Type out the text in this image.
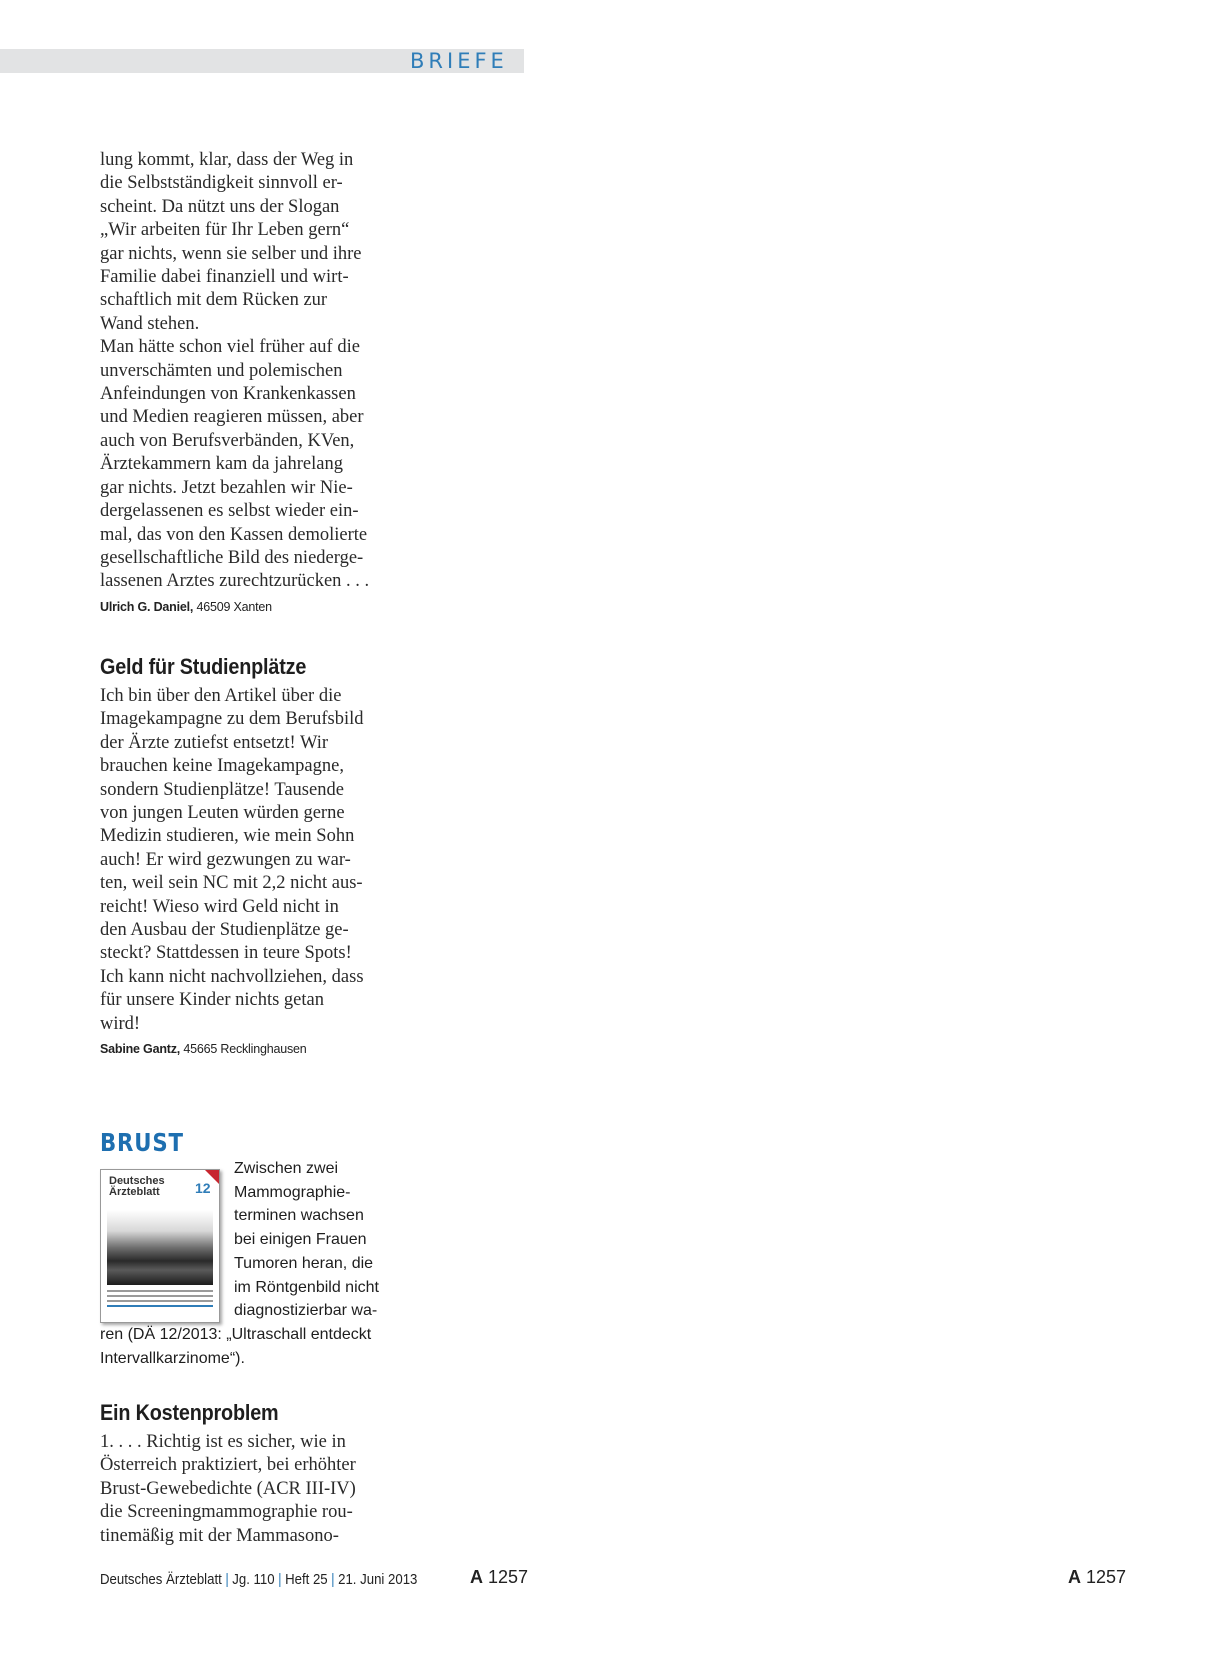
BRIEFE

lung kommt, klar, dass der Weg in
die Selbstständigkeit sinnvoll er-
scheint. Da nützt uns der Slogan
„Wir arbeiten für Ihr Leben gern“
gar nichts, wenn sie selber und ihre
Familie dabei finanziell und wirt-
schaftlich mit dem Rücken zur
Wand stehen.
Man hätte schon viel früher auf die
unverschämten und polemischen
Anfeindungen von Krankenkassen
und Medien reagieren müssen, aber
auch von Berufsverbänden, KVen,
Ärztekammern kam da jahrelang
gar nichts. Jetzt bezahlen wir Nie-
dergelassenen es selbst wieder ein-
mal, das von den Kassen demolierte
gesellschaftliche Bild des niederge-
lassenen Arztes zurechtzurücken . . .

Ulrich G. Daniel, 46509 Xanten

Geld für Studienplätze

Ich bin über den Artikel über die
Imagekampagne zu dem Berufsbild
der Ärzte zutiefst entsetzt! Wir
brauchen keine Imagekampagne,
sondern Studienplätze! Tausende
von jungen Leuten würden gerne
Medizin studieren, wie mein Sohn
auch! Er wird gezwungen zu war-
ten, weil sein NC mit 2,2 nicht aus-
reicht! Wieso wird Geld nicht in
den Ausbau der Studienplätze ge-
steckt? Stattdessen in teure Spots!
Ich kann nicht nachvollziehen, dass
für unsere Kinder nichts getan
wird!

Sabine Gantz, 45665 Recklinghausen

BRUST
Deutsches
Ärzteblatt	12

Zwischen zwei
Mammographie-
terminen wachsen
bei einigen Frauen
Tumoren heran, die
im Röntgenbild nicht
diagnostizierbar wa-

ren (DÄ 12/2013: „Ultraschall entdeckt
Intervallkarzinome“).

Ein Kostenproblem

1. . . . Richtig ist es sicher, wie in
Österreich praktiziert, bei erhöhter
Brust-Gewebedichte (ACR III-IV)
die Screeningmammographie rou-
tinemäßig mit der Mammasono-

Deutsches Ärzteblatt | Jg. 110 | Heft 25 | 21. Juni 2013	A 1257	A 1257
